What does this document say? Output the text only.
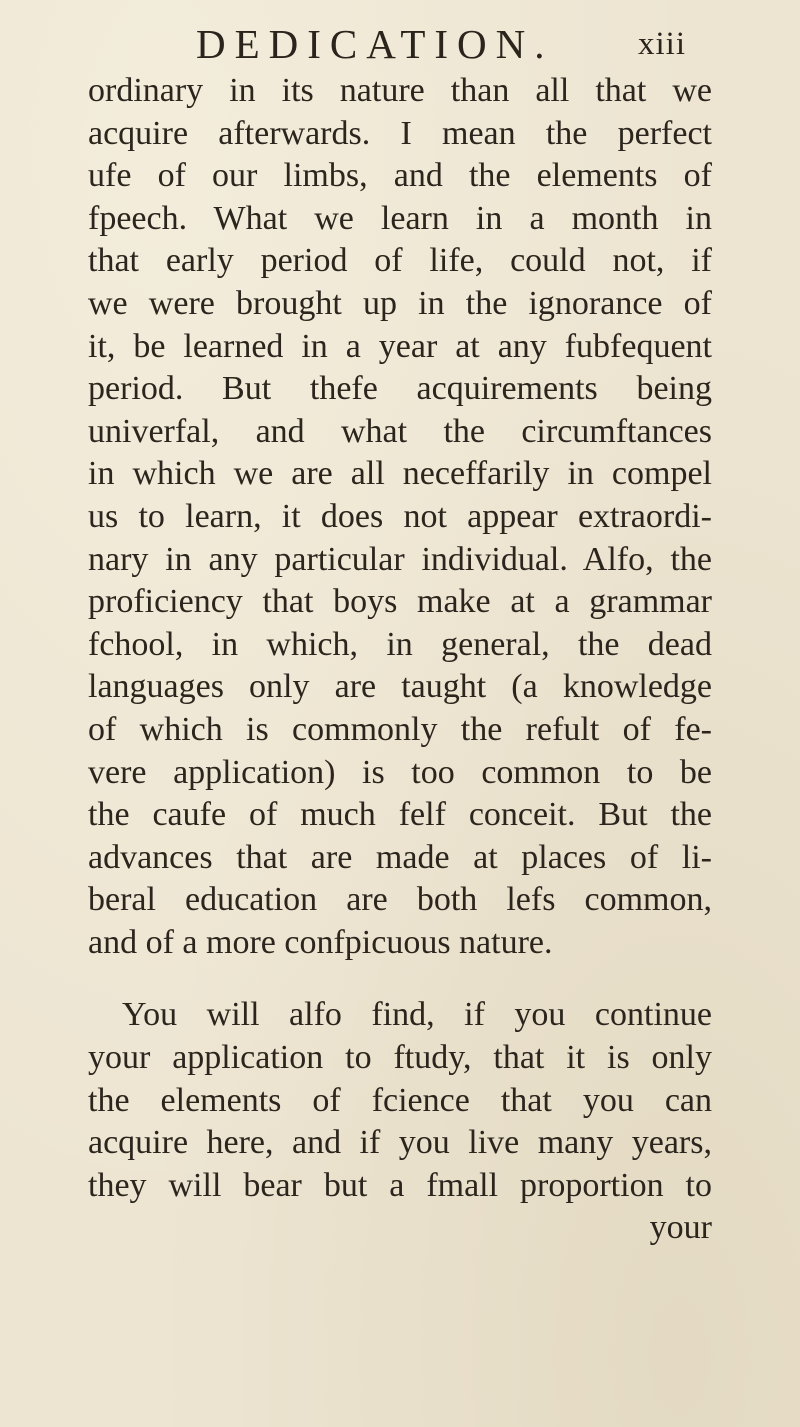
DEDICATION.	xiii
ordinary in its nature than all that we
acquire afterwards. I mean the perfect
ufe of our limbs, and the elements of
fpeech. What we learn in a month in
that early period of life, could not, if
we were brought up in the ignorance of
it, be learned in a year at any fubfequent
period. But thefe acquirements being
univerfal, and what the circumftances
in which we are all neceffarily in compel
us to learn, it does not appear extraordi-
nary in any particular individual. Alfo, the
proficiency that boys make at a grammar
fchool, in which, in general, the dead
languages only are taught (a knowledge
of which is commonly the refult of fe-
vere application) is too common to be
the caufe of much felf conceit. But the
advances that are made at places of li-
beral education are both lefs common,
and of a more confpicuous nature.
You will alfo find, if you continue
your application to ftudy, that it is only
the elements of fcience that you can
acquire here, and if you live many years,
they will bear but a fmall proportion to
your
